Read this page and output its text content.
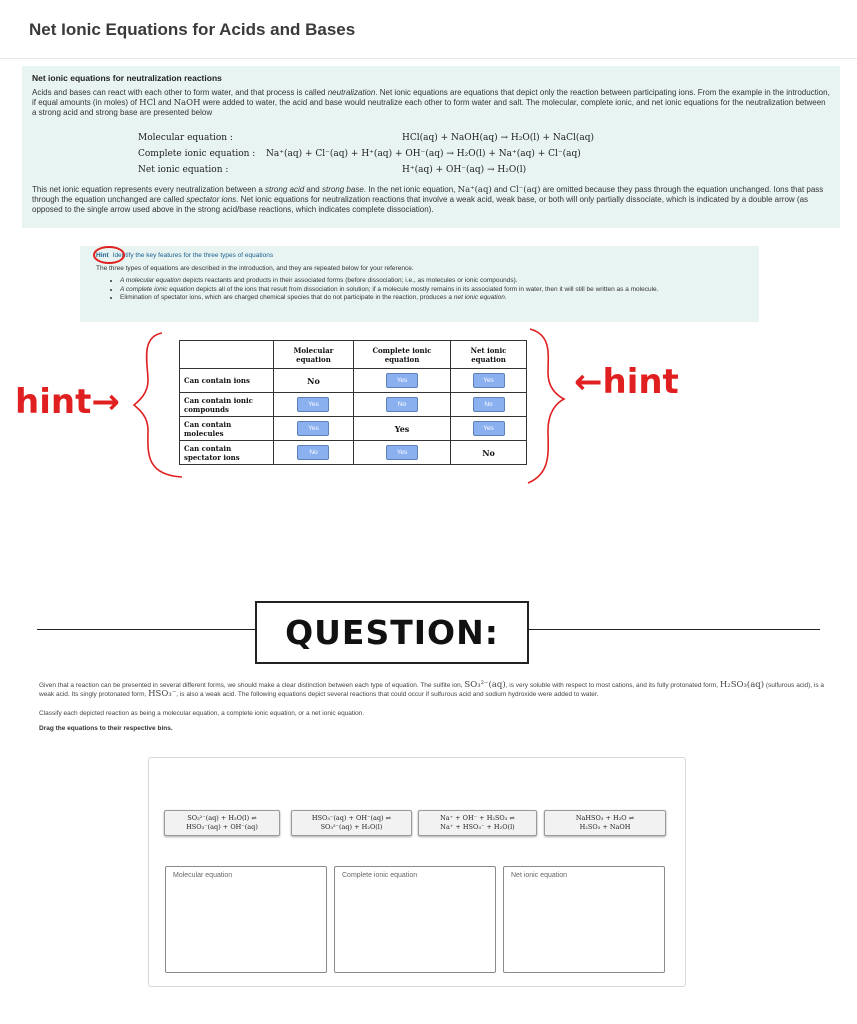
Net Ionic Equations for Acids and Bases
Net ionic equations for neutralization reactions
Acids and bases can react with each other to form water, and that process is called neutralization. Net ionic equations are equations that depict only the reaction between participating ions. From the example in the introduction, if equal amounts (in moles) of HCl and NaOH were added to water, the acid and base would neutralize each other to form water and salt. The molecular, complete ionic, and net ionic equations for the neutralization between a strong acid and strong base are presented below
Molecular equation :	HCl(aq) + NaOH(aq) → H₂O(l) + NaCl(aq)
Complete ionic equation : Na⁺(aq) + Cl⁻(aq) + H⁺(aq) + OH⁻(aq) → H₂O(l) + Na⁺(aq) + Cl⁻(aq)
Net ionic equation :	H⁺(aq) + OH⁻(aq) → H₂O(l)
This net ionic equation represents every neutralization between a strong acid and strong base. In the net ionic equation, Na⁺(aq) and Cl⁻(aq) are omitted because they pass through the equation unchanged. Ions that pass through the equation unchanged are called spectator ions. Net ionic equations for neutralization reactions that involve a weak acid, weak base, or both will only partially dissociate, which is indicated by a double arrow (as opposed to the single arrow used above in the strong acid/base reactions, which indicates complete dissociation).
Hint Identify the key features for the three types of equations
The three types of equations are described in the introduction, and they are repeated below for your reference.
• A molecular equation depicts reactants and products in their associated forms (before dissociation; i.e., as molecules or ionic compounds).
• A complete ionic equation depicts all of the ions that result from dissociation in solution; if a molecule mostly remains in its associated form in water, then it will still be written as a molecule.
• Elimination of spectator ions, which are charged chemical species that do not participate in the reaction, produces a net ionic equation.
	Molecular equation	Complete ionic equation	Net ionic equation
Can contain ions	No	Yes	Yes
Can contain ionic compounds	Yes	No	No
Can contain molecules	Yes	Yes	Yes
Can contain spectator ions	No	Yes	No
hint→	←hint
QUESTION:
Given that a reaction can be presented in several different forms, we should make a clear distinction between each type of equation. The sulfite ion, SO₃²⁻(aq), is very soluble with respect to most cations, and its fully protonated form, H₂SO₃(aq) (sulfurous acid), is a weak acid. Its singly protonated form, HSO₃⁻, is also a weak acid. The following equations depict several reactions that could occur if sulfurous acid and sodium hydroxide were added to water.
Classify each depicted reaction as being a molecular equation, a complete ionic equation, or a net ionic equation.
Drag the equations to their respective bins.
SO₃²⁻(aq) + H₂O(l) ⇌
HSO₃⁻(aq) + OH⁻(aq)
HSO₃⁻(aq) + OH⁻(aq) ⇌
SO₃²⁻(aq) + H₂O(l)
Na⁺ + OH⁻ + H₂SO₃ ⇌
Na⁺ + HSO₃⁻ + H₂O(l)
NaHSO₃ + H₂O ⇌
H₂SO₃ + NaOH
Molecular equation	Complete ionic equation	Net ionic equation
